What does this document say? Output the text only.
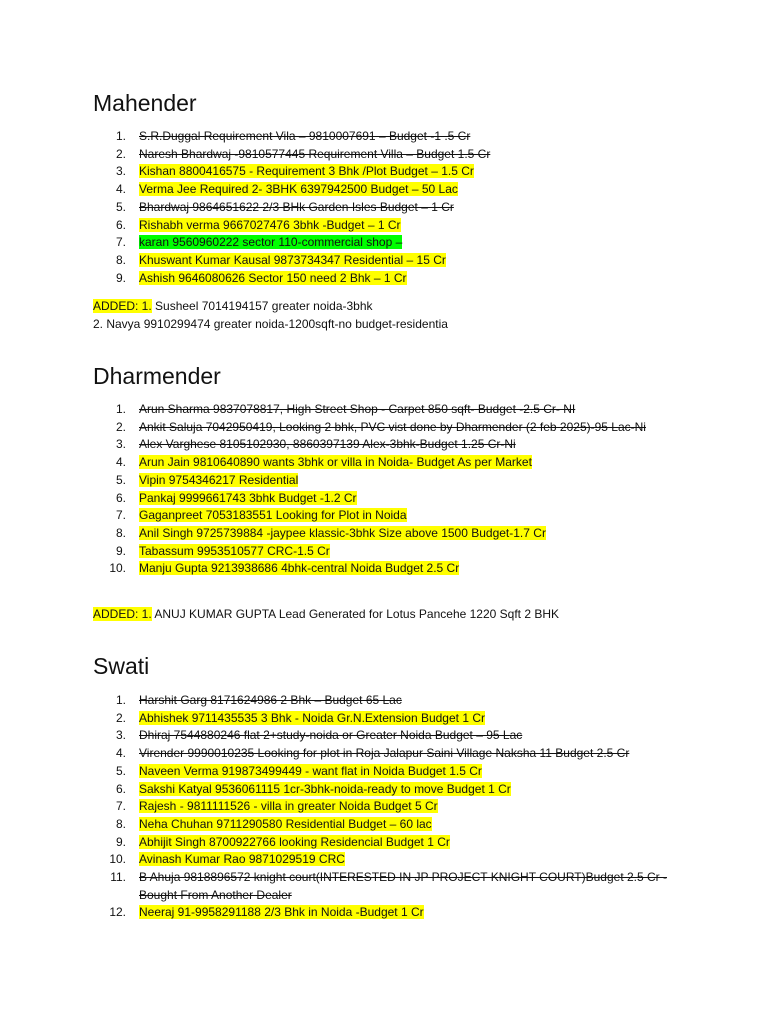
Mahender
1. S.R.Duggal Requirement Vila – 9810007691 – Budget -1 .5 Cr
2. Naresh Bhardwaj -9810577445 Requirement Villa – Budget 1.5 Cr
3. Kishan 8800416575 - Requirement 3 Bhk /Plot Budget – 1.5 Cr
4. Verma Jee Required 2- 3BHK 6397942500 Budget – 50 Lac
5. Bhardwaj 9864651622 2/3 BHk Garden Isles Budget – 1 Cr
6. Rishabh verma 9667027476 3bhk -Budget – 1 Cr
7. karan 9560960222 sector 110-commercial shop –
8. Khuswant Kumar Kausal 9873734347 Residential – 15 Cr
9. Ashish 9646080626 Sector 150 need 2 Bhk – 1 Cr

ADDED: 1. Susheel 7014194157 greater noida-3bhk

2. Navya 9910299474 greater noida-1200sqft-no budget-residentia

Dharmender
1. Arun Sharma 9837078817, High Street Shop - Carpet 850 sqft- Budget -2.5 Cr- NI
2. Ankit Saluja 7042950419, Looking 2 bhk, PVC vist done by Dharmender (2 feb 2025)-95 Lac-Ni
3. Alex Varghese 8105102930, 8860397139 Alex-3bhk-Budget 1.25 Cr-Ni
4. Arun Jain 9810640890 wants 3bhk or villa in Noida- Budget As per Market
5. Vipin 9754346217 Residential
6. Pankaj 9999661743 3bhk Budget -1.2 Cr
7. Gaganpreet 7053183551 Looking for Plot in Noida
8. Anil Singh 9725739884 -jaypee klassic-3bhk Size above 1500 Budget-1.7 Cr
9. Tabassum 9953510577 CRC-1.5 Cr
10. Manju Gupta 9213938686 4bhk-central Noida Budget 2.5 Cr

ADDED: 1. ANUJ KUMAR GUPTA Lead Generated for Lotus Pancehe 1220 Sqft 2 BHK

Swati
1. Harshit Garg 8171624986 2 Bhk – Budget 65 Lac
2. Abhishek 9711435535 3 Bhk - Noida Gr.N.Extension Budget 1 Cr
3. Dhiraj 7544880246 flat 2+study-noida or Greater Noida Budget – 95 Lac
4. Virender 9990010235 Looking for plot in Roja Jalapur Saini Village Naksha 11 Budget 2.5 Cr
5. Naveen Verma 919873499449 - want flat in Noida Budget 1.5 Cr
6. Sakshi Katyal 9536061115 1cr-3bhk-noida-ready to move Budget 1 Cr
7. Rajesh - 9811111526 - villa in greater Noida Budget 5 Cr
8. Neha Chuhan 9711290580 Residential Budget – 60 lac
9. Abhijit Singh 8700922766 looking Residencial Budget 1 Cr
10. Avinash Kumar Rao 9871029519 CRC
11. B Ahuja 9818896572 knight court(INTERESTED IN JP PROJECT KNIGHT COURT)Budget 2.5 Cr - Bought From Another Dealer
12. Neeraj 91-9958291188 2/3 Bhk in Noida -Budget 1 Cr
